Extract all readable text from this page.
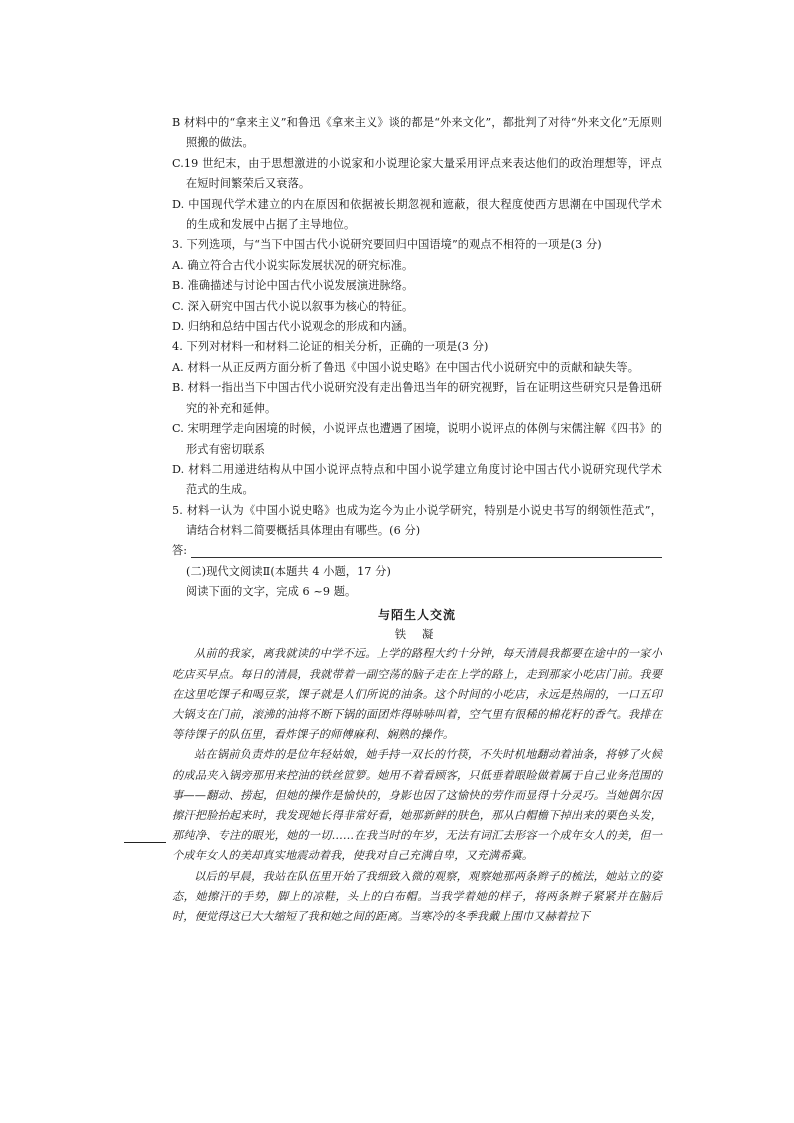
B 材料中的“拿来主义”和鲁迅《拿来主义》谈的都是“外来文化”，都批判了对待“外来文化”无原则照搬的做法。

C.19 世纪末，由于思想激进的小说家和小说理论家大量采用评点来表达他们的政治理想等，评点在短时间繁荣后又衰落。

D. 中国现代学术建立的内在原因和依据被长期忽视和遮蔽，很大程度使西方思潮在中国现代学术的生成和发展中占据了主导地位。

3. 下列选项，与“当下中国古代小说研究要回归中国语境”的观点不相符的一项是(3 分)

A. 确立符合古代小说实际发展状况的研究标准。

B. 准确描述与讨论中国古代小说发展演进脉络。

C. 深入研究中国古代小说以叙事为核心的特征。

D. 归纳和总结中国古代小说观念的形成和内涵。

4. 下列对材料一和材料二论证的相关分析，正确的一项是(3 分)

A. 材料一从正反两方面分析了鲁迅《中国小说史略》在中国古代小说研究中的贡献和缺失等。

B. 材料一指出当下中国古代小说研究没有走出鲁迅当年的研究视野，旨在证明这些研究只是鲁迅研究的补充和延伸。

C. 宋明理学走向困境的时候，小说评点也遭遇了困境，说明小说评点的体例与宋儒注解《四书》的形式有密切联系

D. 材料二用递进结构从中国小说评点特点和中国小说学建立角度讨论中国古代小说研究现代学术范式的生成。

5. 材料一认为《中国小说史略》也成为迄今为止小说学研究，特别是小说史书写的纲领性范式”，请结合材料二简要概括具体理由有哪些。(6 分)

答:

(二)现代文阅读Ⅱ(本题共 4 小题，17 分)

阅读下面的文字，完成 6 ~9 题。

与陌生人交流
铁 凝

从前的我家，离我就读的中学不远。上学的路程大约十分钟，每天清晨我都要在途中的一家小吃店买早点。每日的清晨，我就带着一副空荡的脑子走在上学的路上，走到那家小吃店门前。我要在这里吃馃子和喝豆浆，馃子就是人们所说的油条。这个时间的小吃店，永远是热闹的，一口五印大锅支在门前，滚沸的油将不断下锅的面团炸得哧哧叫着，空气里有很稀的棉花籽的香气。我排在等待馃子的队伍里，看炸馃子的师傅麻利、娴熟的操作。

站在锅前负责炸的是位年轻姑娘，她手持一双长的竹筷，不失时机地翻动着油条，将够了火候的成品夹入锅旁那用来控油的铁丝笸箩。她用不着看顾客，只低垂着眼睑做着属于自己业务范围的事——翻动、捞起，但她的操作是愉快的，身影也因了这愉快的劳作而显得十分灵巧。当她偶尔因擦汗把脸抬起来时，我发现她长得非常好看，她那新鲜的肤色，那从白帽檐下掉出来的栗色头发，那纯净、专注的眼光，她的一切……在我当时的年岁，无法有词汇去形容一个成年女人的美，但一个成年女人的美却真实地震动着我，使我对自己充满自卑，又充满希冀。

以后的早晨，我站在队伍里开始了我细致入微的观察，观察她那两条辫子的梳法，她站立的姿态，她擦汗的手势，脚上的凉鞋，头上的白布帽。当我学着她的样子，将两条辫子紧紧并在脑后时，便觉得这已大大缩短了我和她之间的距离。当寒冷的冬季我戴上围巾又赫着拉下
